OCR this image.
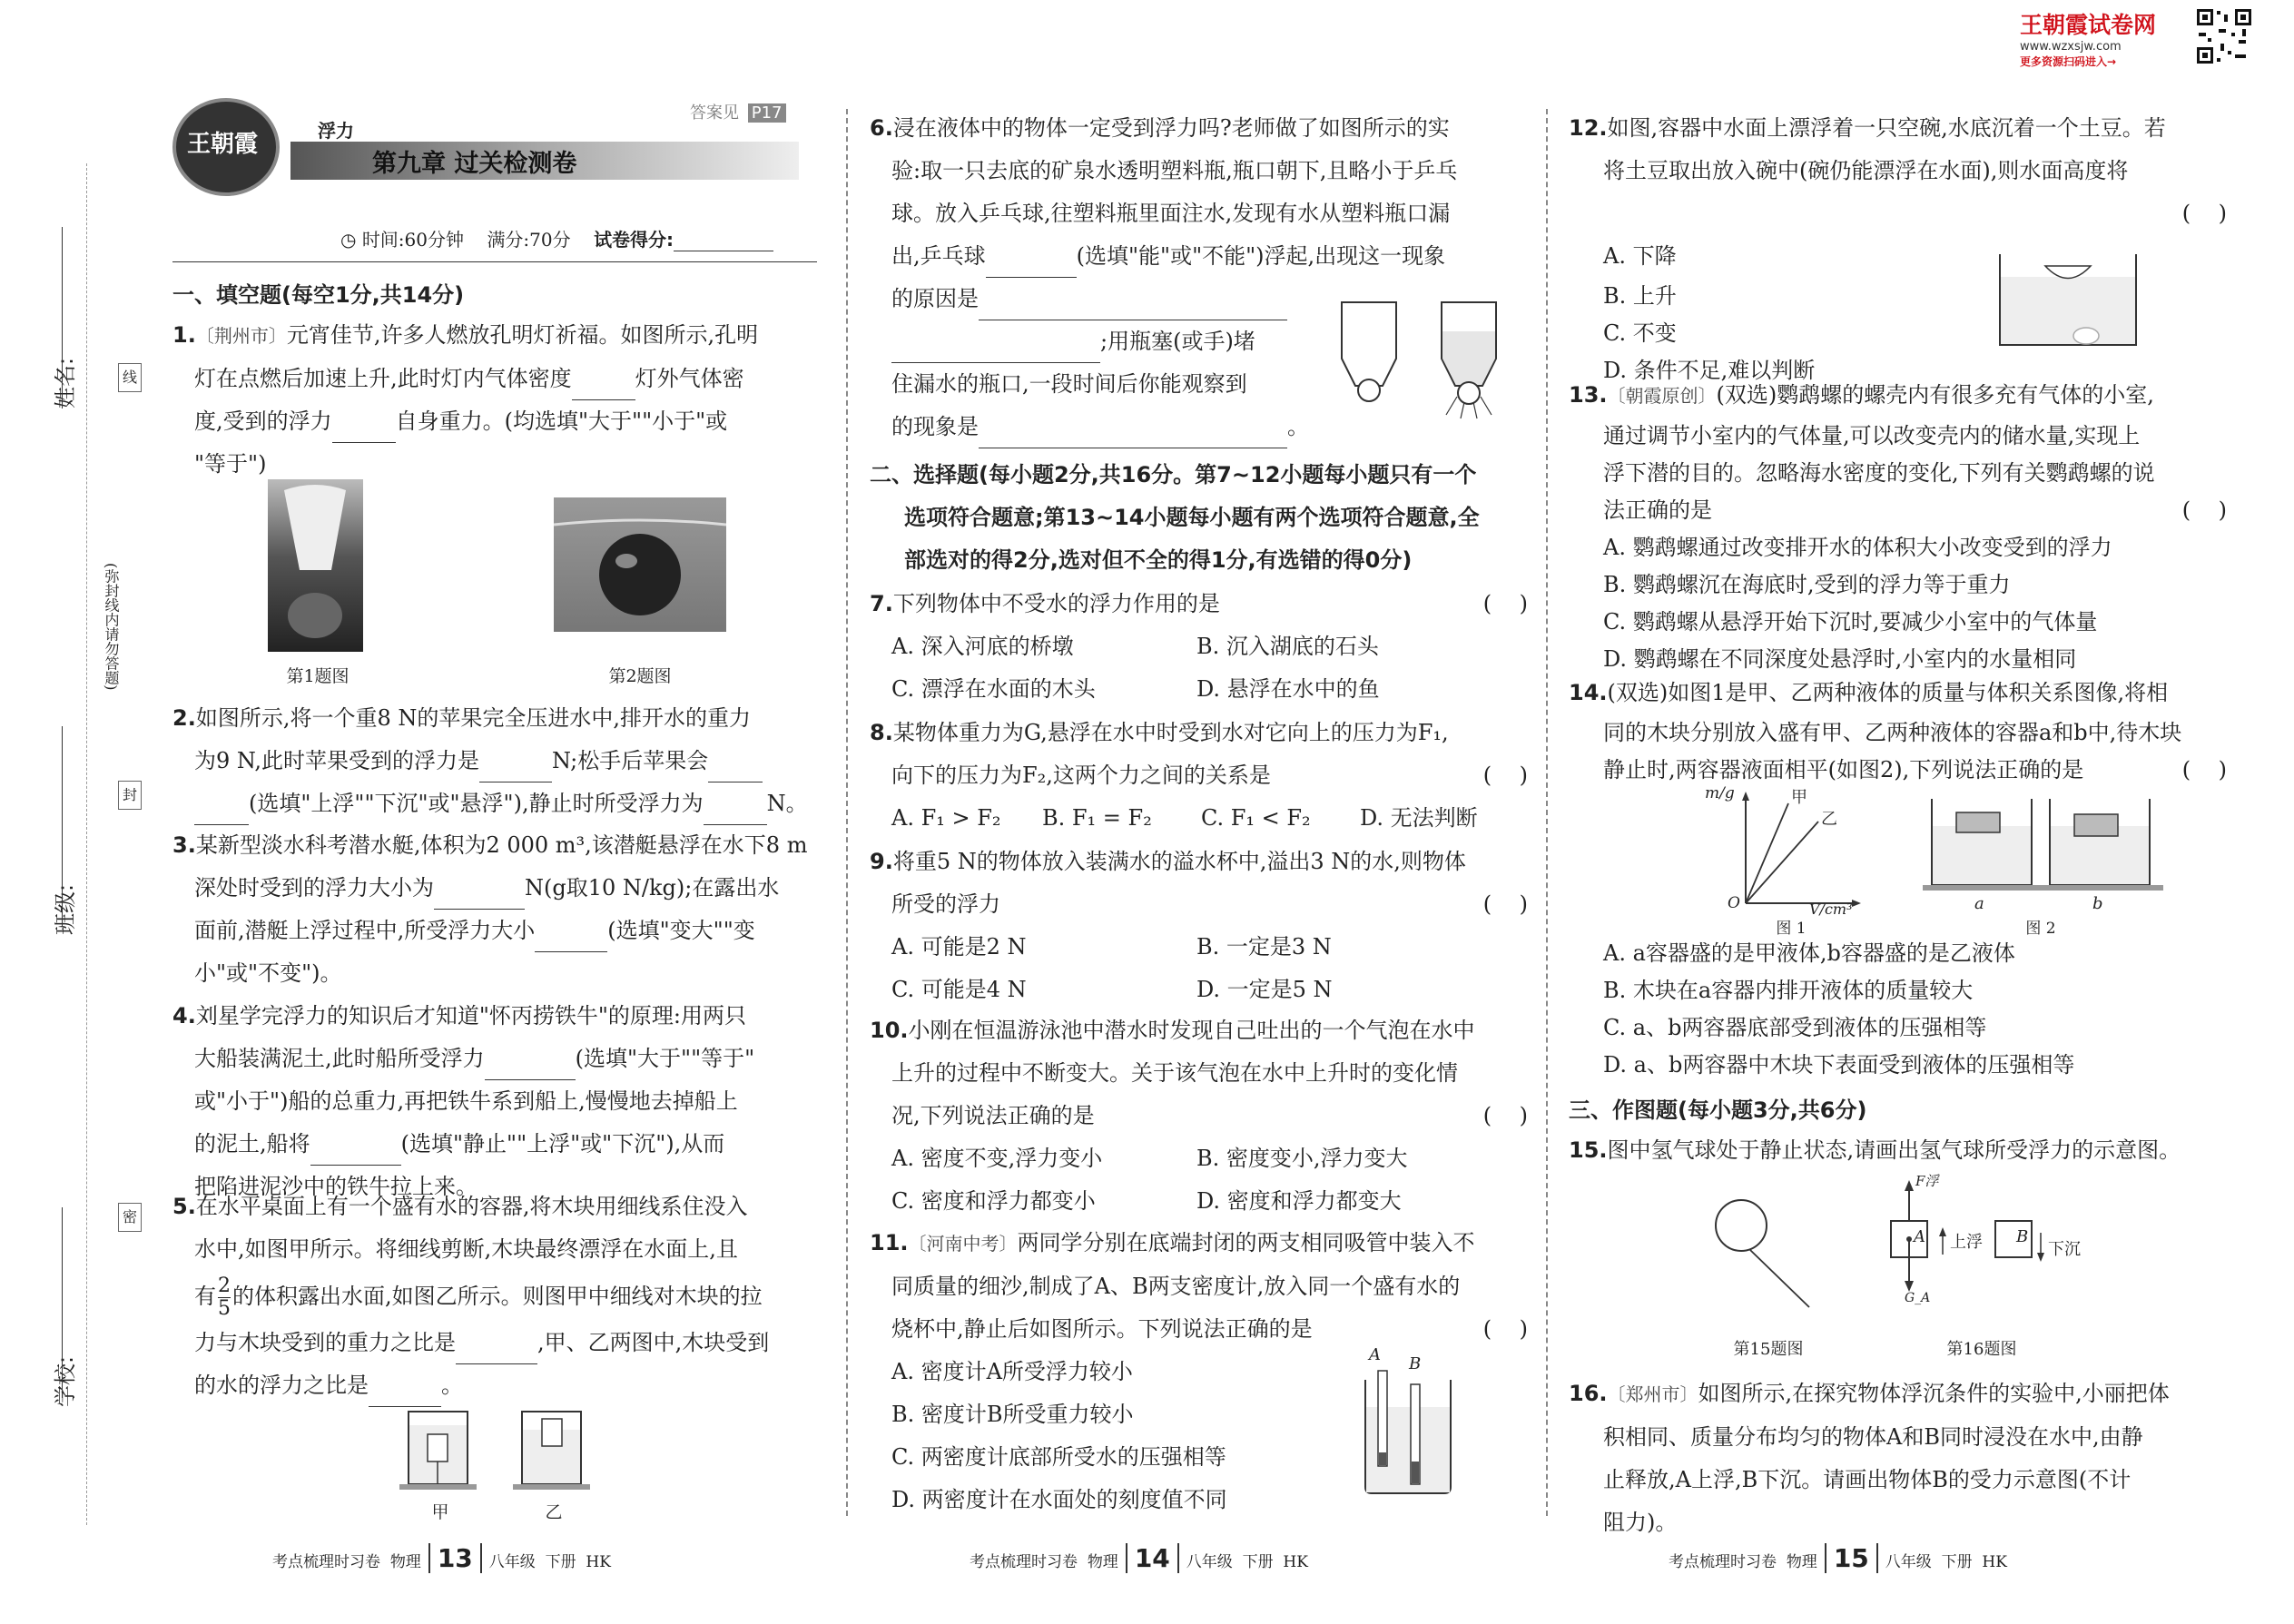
姓名:
班级:
学校:
线
封
密
(弥封线内请勿答题)
王朝霞试卷网
www.wzxsjw.com
更多资源扫码进入→
王朝霞	浮力
第九章 过关检测卷
答案见 P17
◷ 时间:60分钟 满分:70分 试卷得分:
一、填空题(每空1分,共14分)
1.〔荆州市〕元宵佳节,许多人燃放孔明灯祈福。如图所示,孔明
灯在点燃后加速上升,此时灯内气体密度	灯外气体密
度,受到的浮力	自身重力。(均选填"大于""小于"或
"等于")
第1题图	第2题图
2.如图所示,将一个重8 N的苹果完全压进水中,排开水的重力
为9 N,此时苹果受到的浮力是	N;松手后苹果会
(选填"上浮""下沉"或"悬浮"),静止时所受浮力为	N。
3.某新型淡水科考潜水艇,体积为2 000 m³,该潜艇悬浮在水下8 m
深处时受到的浮力大小为	N(g取10 N/kg);在露出水
面前,潜艇上浮过程中,所受浮力大小	(选填"变大""变
小"或"不变")。
4.刘星学完浮力的知识后才知道"怀丙捞铁牛"的原理:用两只
大船装满泥土,此时船所受浮力	(选填"大于""等于"
或"小于")船的总重力,再把铁牛系到船上,慢慢地去掉船上
的泥土,船将	(选填"静止""上浮"或"下沉"),从而
把陷进泥沙中的铁牛拉上来。
5.在水平桌面上有一个盛有水的容器,将木块用细线系住没入
水中,如图甲所示。将细线剪断,木块最终漂浮在水面上,且
有 $\frac{2}{5}$ 的体积露出水面,如图乙所示。则图甲中细线对木块的拉
力与木块受到的重力之比是	,甲、乙两图中,木块受到
的水的浮力之比是	。
甲	乙
考点梳理时习卷 物理 13 八年级 下册 HK
6.浸在液体中的物体一定受到浮力吗?老师做了如图所示的实
验:取一只去底的矿泉水透明塑料瓶,瓶口朝下,且略小于乒乓
球。放入乒乓球,往塑料瓶里面注水,发现有水从塑料瓶口漏
出,乒乓球	(选填"能"或"不能")浮起,出现这一现象
的原因是
;用瓶塞(或手)堵
住漏水的瓶口,一段时间后你能观察到
的现象是	。
二、选择题(每小题2分,共16分。第7~12小题每小题只有一个
选项符合题意;第13~14小题每小题有两个选项符合题意,全
部选对的得2分,选对但不全的得1分,有选错的得0分)
7.下列物体中不受水的浮力作用的是	(    )
A. 深入河底的桥墩	B. 沉入湖底的石头
C. 漂浮在水面的木头	D. 悬浮在水中的鱼
8.某物体重力为G,悬浮在水中时受到水对它向上的压力为F₁,
向下的压力为F₂,这两个力之间的关系是	(    )
A. F₁ > F₂ B. F₁ = F₂ C. F₁ < F₂ D. 无法判断
9.将重5 N的物体放入装满水的溢水杯中,溢出3 N的水,则物体
所受的浮力	(    )
A. 可能是2 N	B. 一定是3 N
C. 可能是4 N	D. 一定是5 N
10.小刚在恒温游泳池中潜水时发现自己吐出的一个气泡在水中
上升的过程中不断变大。关于该气泡在水中上升时的变化情
况,下列说法正确的是	(    )
A. 密度不变,浮力变小	B. 密度变小,浮力变大
C. 密度和浮力都变小	D. 密度和浮力都变大
11.〔河南中考〕两同学分别在底端封闭的两支相同吸管中装入不
同质量的细沙,制成了A、B两支密度计,放入同一个盛有水的
烧杯中,静止后如图所示。下列说法正确的是	(    )
A. 密度计A所受浮力较小
B. 密度计B所受重力较小
C. 两密度计底部所受水的压强相等
D. 两密度计在水面处的刻度值不同
A B
考点梳理时习卷 物理 14 八年级 下册 HK
12.如图,容器中水面上漂浮着一只空碗,水底沉着一个土豆。若
将土豆取出放入碗中(碗仍能漂浮在水面),则水面高度将
(    )
A. 下降
B. 上升
C. 不变
D. 条件不足,难以判断
13.〔朝霞原创〕(双选)鹦鹉螺的螺壳内有很多充有气体的小室,
通过调节小室内的气体量,可以改变壳内的储水量,实现上
浮下潜的目的。忽略海水密度的变化,下列有关鹦鹉螺的说
法正确的是	(    )
A. 鹦鹉螺通过改变排开水的体积大小改变受到的浮力
B. 鹦鹉螺沉在海底时,受到的浮力等于重力
C. 鹦鹉螺从悬浮开始下沉时,要减少小室中的气体量
D. 鹦鹉螺在不同深度处悬浮时,小室内的水量相同
14.(双选)如图1是甲、乙两种液体的质量与体积关系图像,将相
同的木块分别放入盛有甲、乙两种液体的容器a和b中,待木块
静止时,两容器液面相平(如图2),下列说法正确的是	(    )
m/g	甲
乙
O	V/cm³
图 1
a	b
图 2
A. a容器盛的是甲液体,b容器盛的是乙液体
B. 木块在a容器内排开液体的质量较大
C. a、b两容器底部受到液体的压强相等
D. a、b两容器中木块下表面受到液体的压强相等
三、作图题(每小题3分,共6分)
15.图中氢气球处于静止状态,请画出氢气球所受浮力的示意图。
第15题图
F浮
A
G_A
上浮 B
下沉
第16题图
16.〔郑州市〕如图所示,在探究物体浮沉条件的实验中,小丽把体
积相同、质量分布均匀的物体A和B同时浸没在水中,由静
止释放,A上浮,B下沉。请画出物体B的受力示意图(不计
阻力)。
考点梳理时习卷 物理 15 八年级 下册 HK
